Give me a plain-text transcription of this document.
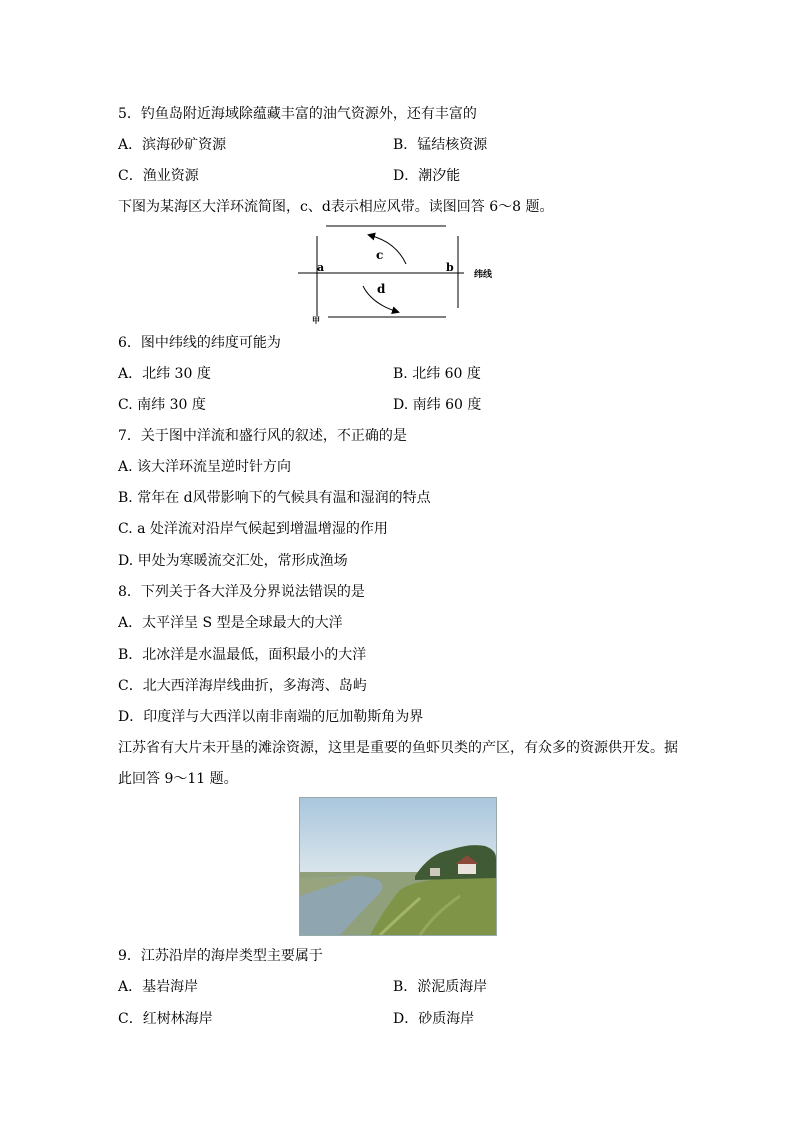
5．钓鱼岛附近海域除蕴藏丰富的油气资源外，还有丰富的
A．滨海砂矿资源	B．锰结核资源
C．渔业资源	D．潮汐能
下图为某海区大洋环流简图，c、d表示相应风带。读图回答 6～8 题。
a	b
c
d
纬线
甲
6．图中纬线的纬度可能为
A．北纬 30 度	B. 北纬 60 度
C. 南纬 30 度	D. 南纬 60 度
7．关于图中洋流和盛行风的叙述，不正确的是
A. 该大洋环流呈逆时针方向
B. 常年在 d风带影响下的气候具有温和湿润的特点
C. a 处洋流对沿岸气候起到增温增湿的作用
D. 甲处为寒暖流交汇处，常形成渔场
8．下列关于各大洋及分界说法错误的是
A．太平洋呈 S 型是全球最大的大洋
B．北冰洋是水温最低，面积最小的大洋
C．北大西洋海岸线曲折，多海湾、岛屿
D．印度洋与大西洋以南非南端的厄加勒斯角为界
江苏省有大片未开垦的滩涂资源，这里是重要的鱼虾贝类的产区，有众多的资源供开发。据
此回答 9～11 题。
9．江苏沿岸的海岸类型主要属于
A．基岩海岸	B．淤泥质海岸
C．红树林海岸	D．砂质海岸
